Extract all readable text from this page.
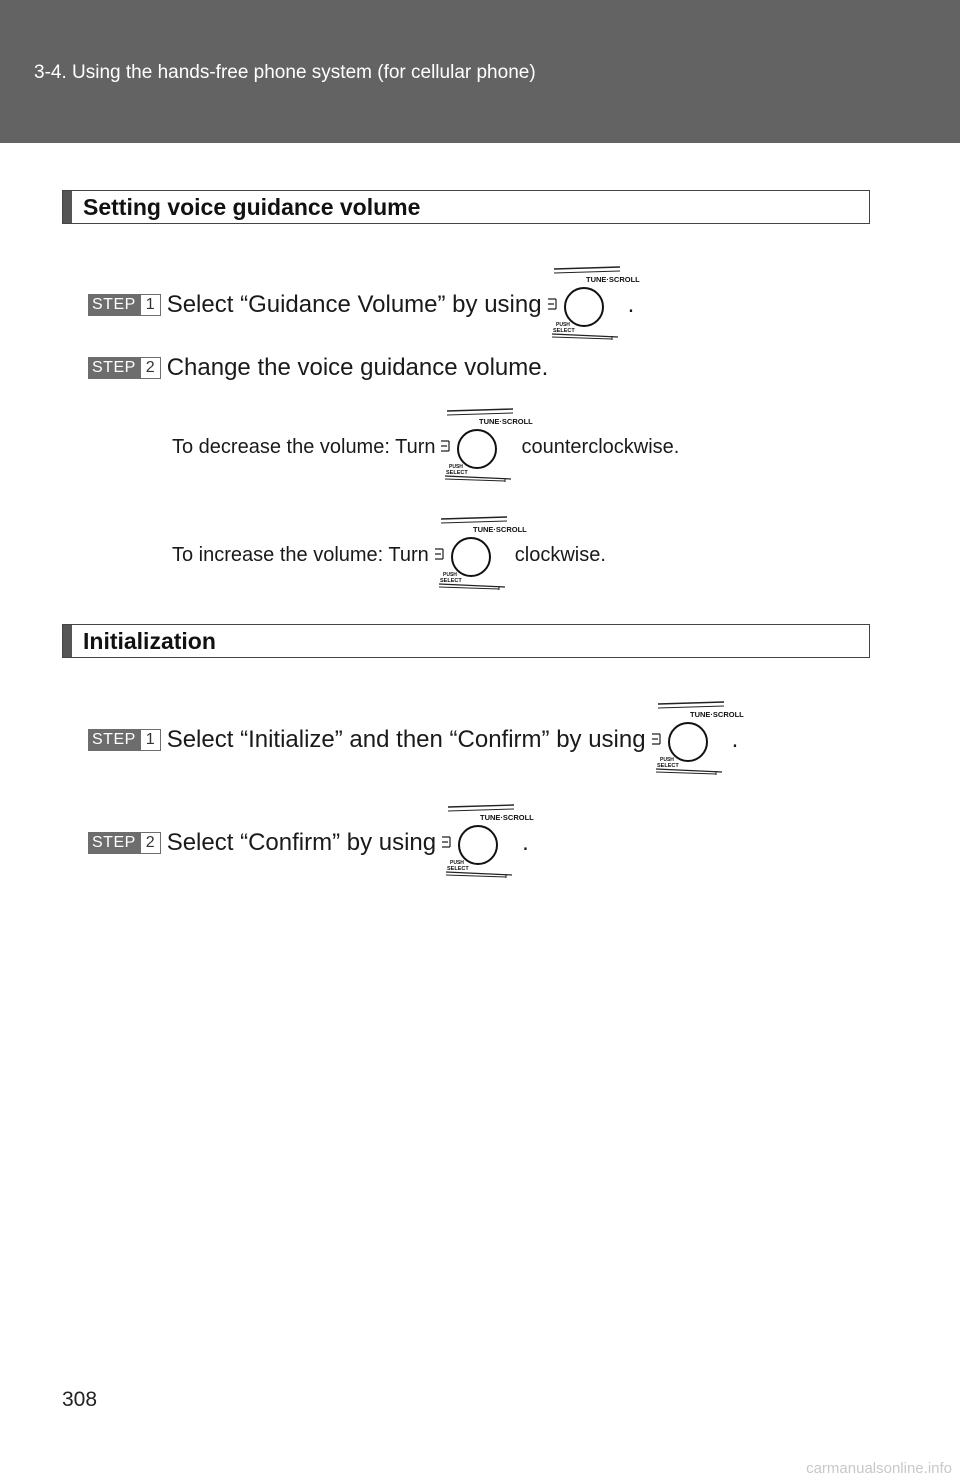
3-4. Using the hands-free phone system (for cellular phone)
Setting voice guidance volume
STEP 1 Select “Guidance Volume” by using
TUNE·SCROLL
PUSH
SELECT
.
STEP 2 Change the voice guidance volume.
To decrease the volume: Turn
TUNE·SCROLL
PUSH
SELECT
counterclockwise.
To increase the volume: Turn
TUNE·SCROLL
PUSH
SELECT
clockwise.
Initialization
STEP 1 Select “Initialize” and then “Confirm” by using
TUNE·SCROLL
PUSH
SELECT
.
STEP 2 Select “Confirm” by using
TUNE·SCROLL
PUSH
SELECT
.
308
carmanualsonline.info
